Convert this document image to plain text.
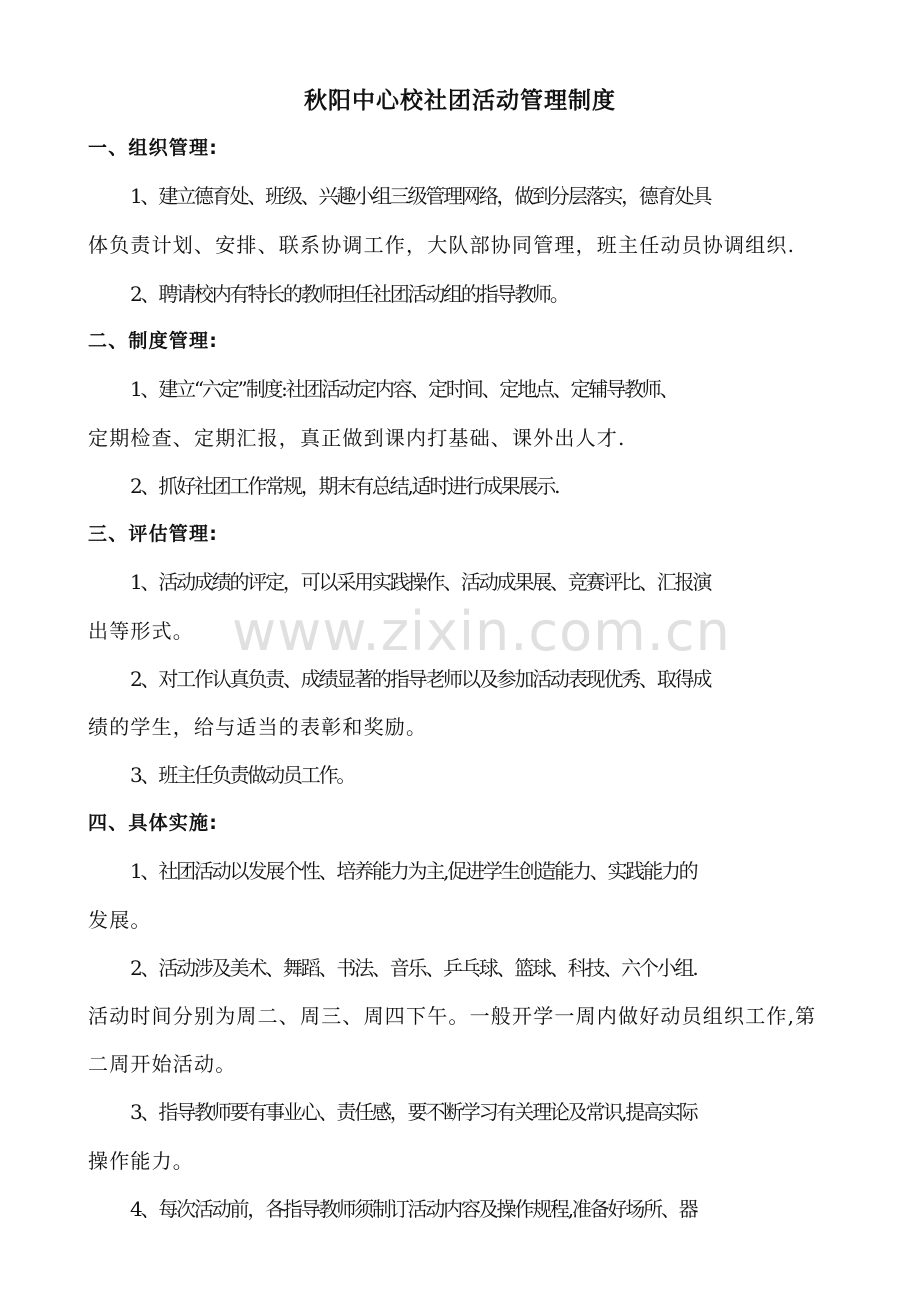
秋阳中心校社团活动管理制度
一、组织管理:
1、建立德育处、班级、兴趣小组三级管理网络，做到分层落实，德育处具
体负责计划、安排、联系协调工作，大队部协同管理，班主任动员协调组织.
2、聘请校内有特长的教师担任社团活动组的指导教师。
二、制度管理:
1、建立“六定”制度:社团活动定内容、定时间、定地点、定辅导教师、
定期检查、定期汇报，真正做到课内打基础、课外出人才.
2、抓好社团工作常规，期末有总结,适时进行成果展示.
三、评估管理:
1、活动成绩的评定，可以采用实践操作、活动成果展、竞赛评比、汇报演
出等形式。
2、对工作认真负责、成绩显著的指导老师以及参加活动表现优秀、取得成
绩的学生，给与适当的表彰和奖励。
3、班主任负责做动员工作。
四、具体实施:
1、社团活动以发展个性、培养能力为主,促进学生创造能力、实践能力的
发展。
2、活动涉及美术、舞蹈、书法、音乐、乒乓球、篮球、科技、六个小组.
活动时间分别为周二、周三、周四下午。一般开学一周内做好动员组织工作,第
二周开始活动。
3、指导教师要有事业心、责任感，要不断学习有关理论及常识,提高实际
操作能力。
4、每次活动前，各指导教师须制订活动内容及操作规程,准备好场所、器
www.zixin.com.cn
